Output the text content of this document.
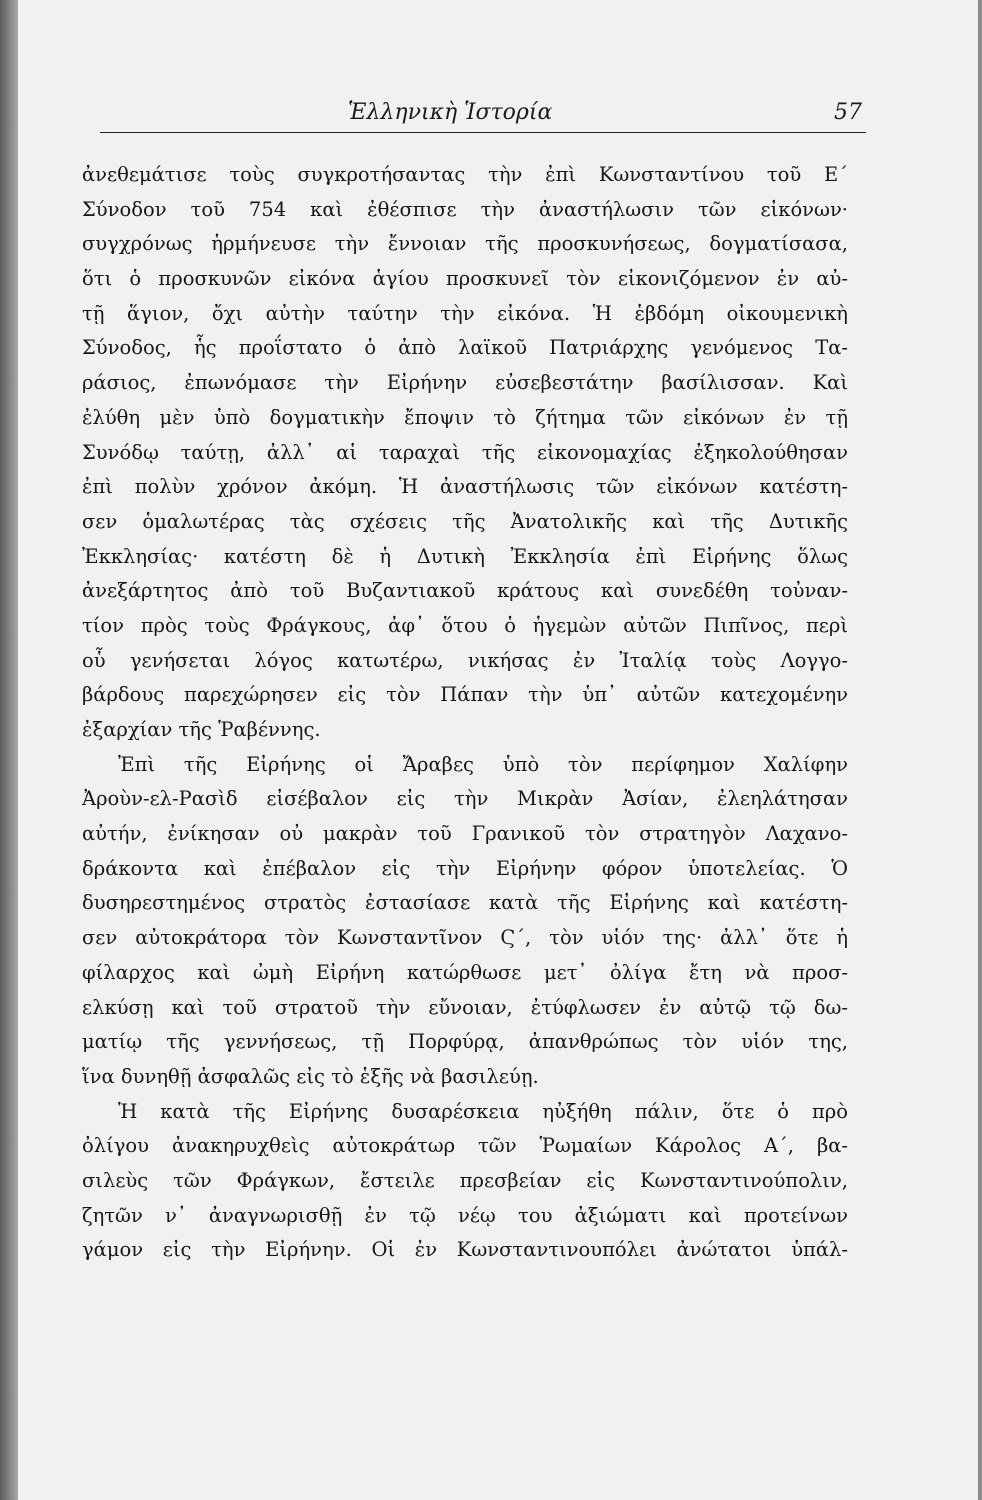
Ἑλληνικὴ Ἱστορία	57
ἀνεθεμάτισε τοὺς συγκροτήσαντας τὴν ἐπὶ Κωνσταντίνου τοῦ Ε΄
Σύνοδον τοῦ 754 καὶ ἐθέσπισε τὴν ἀναστήλωσιν τῶν εἰκόνων·
συγχρόνως ἡρμήνευσε τὴν ἔννοιαν τῆς προσκυνήσεως, δογματίσασα,
ὅτι ὁ προσκυνῶν εἰκόνα ἁγίου προσκυνεῖ τὸν εἰκονιζόμενον ἐν αὐ-
τῇ ἅγιον, ὄχι αὐτὴν ταύτην τὴν εἰκόνα. Ἡ ἑβδόμη οἰκουμενικὴ
Σύνοδος, ἧς προΐστατο ὁ ἀπὸ λαϊκοῦ Πατριάρχης γενόμενος Τα-
ράσιος, ἐπωνόμασε τὴν Εἰρήνην εὐσεβεστάτην βασίλισσαν. Καὶ
ἐλύθη μὲν ὑπὸ δογματικὴν ἔποψιν τὸ ζήτημα τῶν εἰκόνων ἐν τῇ
Συνόδῳ ταύτῃ, ἀλλ᾽ αἱ ταραχαὶ τῆς εἰκονομαχίας ἐξηκολούθησαν
ἐπὶ πολὺν χρόνον ἀκόμη. Ἡ ἀναστήλωσις τῶν εἰκόνων κατέστη-
σεν ὁμαλωτέρας τὰς σχέσεις τῆς Ἀνατολικῆς καὶ τῆς Δυτικῆς
Ἐκκλησίας· κατέστη δὲ ἡ Δυτικὴ Ἐκκλησία ἐπὶ Εἰρήνης ὅλως
ἀνεξάρτητος ἀπὸ τοῦ Βυζαντιακοῦ κράτους καὶ συνεδέθη τοὐναν-
τίον πρὸς τοὺς Φράγκους, ἀφ᾽ ὅτου ὁ ἡγεμὼν αὐτῶν Πιπῖνος, περὶ
οὗ γενήσεται λόγος κατωτέρω, νικήσας ἐν Ἰταλίᾳ τοὺς Λογγο-
βάρδους παρεχώρησεν εἰς τὸν Πάπαν τὴν ὑπ᾽ αὐτῶν κατεχομένην
ἐξαρχίαν τῆς Ῥαβέννης.
Ἐπὶ τῆς Εἰρήνης οἱ Ἄραβες ὑπὸ τὸν περίφημον Χαλίφην
Ἀροὺν-ελ-Ρασὶδ εἰσέβαλον εἰς τὴν Μικρὰν Ἀσίαν, ἐλεηλάτησαν
αὐτήν, ἐνίκησαν οὐ μακρὰν τοῦ Γρανικοῦ τὸν στρατηγὸν Λαχανο-
δράκοντα καὶ ἐπέβαλον εἰς τὴν Εἰρήνην φόρον ὑποτελείας. Ὁ
δυσηρεστημένος στρατὸς ἐστασίασε κατὰ τῆς Εἰρήνης καὶ κατέστη-
σεν αὐτοκράτορα τὸν Κωνσταντῖνον Ϛ΄, τὸν υἱόν της· ἀλλ᾽ ὅτε ἡ
φίλαρχος καὶ ὠμὴ Εἰρήνη κατώρθωσε μετ᾽ ὀλίγα ἔτη νὰ προσ-
ελκύσῃ καὶ τοῦ στρατοῦ τὴν εὔνοιαν, ἐτύφλωσεν ἐν αὐτῷ τῷ δω-
ματίῳ τῆς γεννήσεως, τῇ Πορφύρᾳ, ἀπανθρώπως τὸν υἱόν της,
ἵνα δυνηθῇ ἀσφαλῶς εἰς τὸ ἑξῆς νὰ βασιλεύῃ.
Ἡ κατὰ τῆς Εἰρήνης δυσαρέσκεια ηὐξήθη πάλιν, ὅτε ὁ πρὸ
ὀλίγου ἀνακηρυχθεὶς αὐτοκράτωρ τῶν Ῥωμαίων Κάρολος Α΄, βα-
σιλεὺς τῶν Φράγκων, ἔστειλε πρεσβείαν εἰς Κωνσταντινούπολιν,
ζητῶν ν᾽ ἀναγνωρισθῇ ἐν τῷ νέῳ του ἀξιώματι καὶ προτείνων
γάμον εἰς τὴν Εἰρήνην. Οἱ ἐν Κωνσταντινουπόλει ἀνώτατοι ὑπάλ-
